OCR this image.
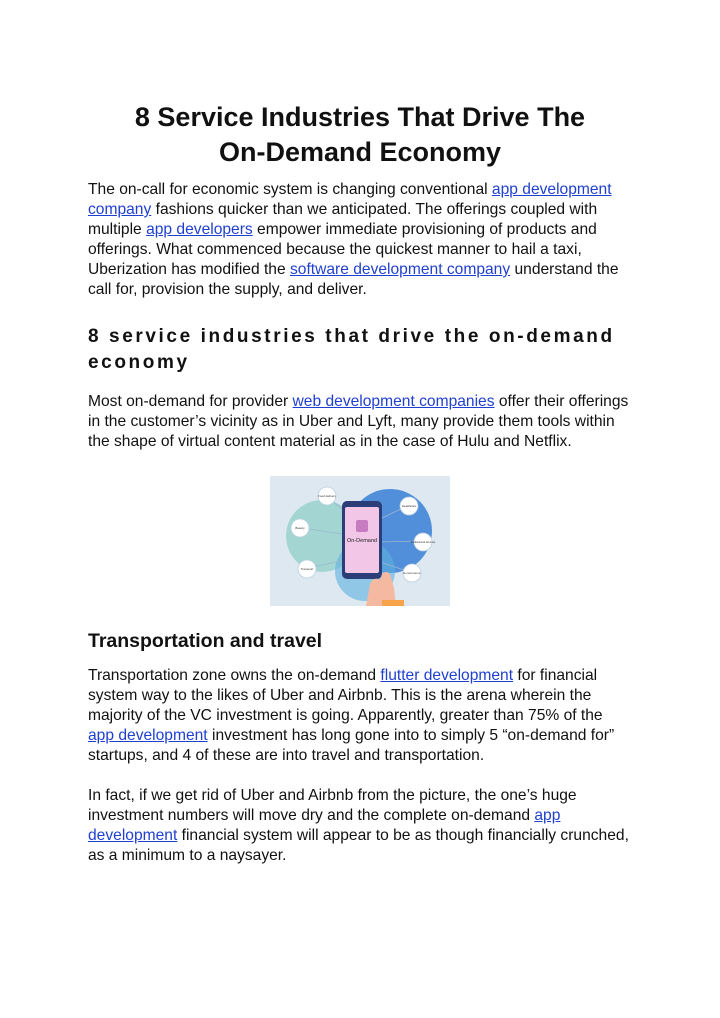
8 Service Industries That Drive The
On-Demand Economy

The on-call for economic system is changing conventional app development company fashions quicker than we anticipated. The offerings coupled with multiple app developers empower immediate provisioning of products and offerings. What commenced because the quickest manner to hail a taxi, Uberization has modified the software development company understand the call for, provision the supply, and deliver.

8 service industries that drive the on-demand economy

Most on-demand for provider web development companies offer their offerings in the customer’s vicinity as in Uber and Lyft, many provide them tools within the shape of virtual content material as in the case of Hulu and Netflix.

On-Demand
Food delivery
Healthcare
Beauty
Professional services
Transport
E-commerce
Transportation and travel

Transportation zone owns the on-demand flutter development for financial system way to the likes of Uber and Airbnb. This is the arena wherein the majority of the VC investment is going. Apparently, greater than 75% of the app development investment has long gone into to simply 5 “on-demand for” startups, and 4 of these are into travel and transportation.

In fact, if we get rid of Uber and Airbnb from the picture, the one’s huge investment numbers will move dry and the complete on-demand app development financial system will appear to be as though financially crunched, as a minimum to a naysayer.
